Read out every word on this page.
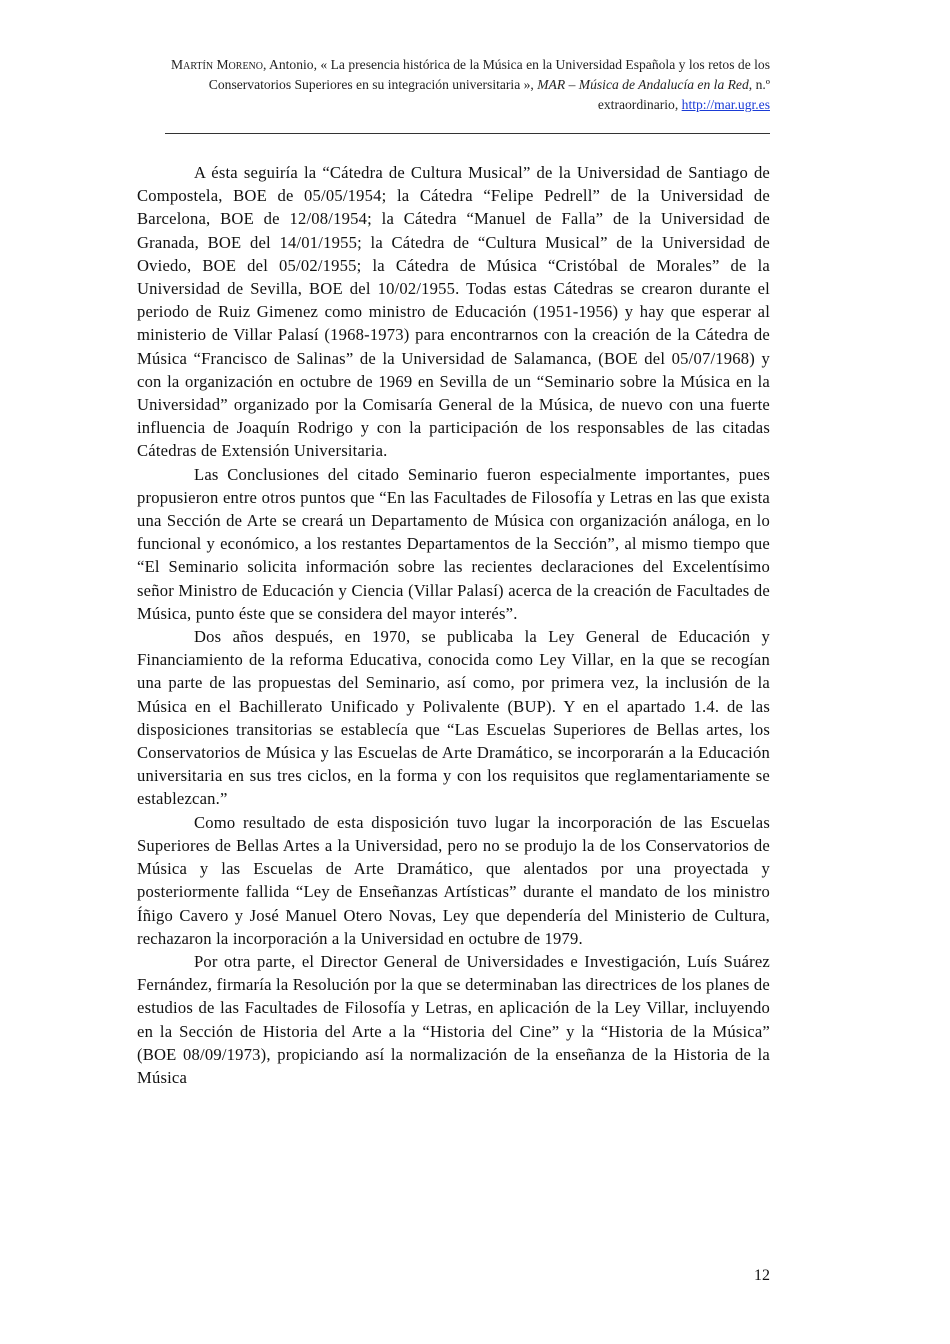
Martín Moreno, Antonio, « La presencia histórica de la Música en la Universidad Española y los retos de los Conservatorios Superiores en su integración universitaria », MAR – Música de Andalucía en la Red, n.º extraordinario, http://mar.ugr.es

A ésta seguiría la “Cátedra de Cultura Musical” de la Universidad de Santiago de Compostela, BOE de 05/05/1954; la Cátedra “Felipe Pedrell” de la Universidad de Barcelona, BOE de 12/08/1954; la Cátedra “Manuel de Falla” de la Universidad de Granada, BOE del 14/01/1955; la Cátedra de “Cultura Musical” de la Universidad de Oviedo, BOE del 05/02/1955; la Cátedra de Música “Cristóbal de Morales” de la Universidad de Sevilla, BOE del 10/02/1955. Todas estas Cátedras se crearon durante el periodo de Ruiz Gimenez como ministro de Educación (1951-1956) y hay que esperar al ministerio de Villar Palasí (1968-1973) para encontrarnos con la creación de la Cátedra de Música “Francisco de Salinas” de la Universidad de Salamanca, (BOE del 05/07/1968) y con la organización en octubre de 1969 en Sevilla de un “Seminario sobre la Música en la Universidad” organizado por la Comisaría General de la Música, de nuevo con una fuerte influencia de Joaquín Rodrigo y con la participación de los responsables de las citadas Cátedras de Extensión Universitaria.

Las Conclusiones del citado Seminario fueron especialmente importantes, pues propusieron entre otros puntos que “En las Facultades de Filosofía y Letras en las que exista una Sección de Arte se creará un Departamento de Música con organización análoga, en lo funcional y económico, a los restantes Departamentos de la Sección”, al mismo tiempo que “El Seminario solicita información sobre las recientes declaraciones del Excelentísimo señor Ministro de Educación y Ciencia (Villar Palasí) acerca de la creación de Facultades de Música, punto éste que se considera del mayor interés”.

Dos años después, en 1970, se publicaba la Ley General de Educación y Financiamiento de la reforma Educativa, conocida como Ley Villar, en la que se recogían una parte de las propuestas del Seminario, así como, por primera vez, la inclusión de la Música en el Bachillerato Unificado y Polivalente (BUP). Y en el apartado 1.4. de las disposiciones transitorias se establecía que “Las Escuelas Superiores de Bellas artes, los Conservatorios de Música y las Escuelas de Arte Dramático, se incorporarán a la Educación universitaria en sus tres ciclos, en la forma y con los requisitos que reglamentariamente se establezcan.”

Como resultado de esta disposición tuvo lugar la incorporación de las Escuelas Superiores de Bellas Artes a la Universidad, pero no se produjo la de los Conservatorios de Música y las Escuelas de Arte Dramático, que alentados por una proyectada y posteriormente fallida “Ley de Enseñanzas Artísticas” durante el mandato de los ministro Íñigo Cavero y José Manuel Otero Novas, Ley que dependería del Ministerio de Cultura, rechazaron la incorporación a la Universidad en octubre de 1979.

Por otra parte, el Director General de Universidades e Investigación, Luís Suárez Fernández, firmaría la Resolución por la que se determinaban las directrices de los planes de estudios de las Facultades de Filosofía y Letras, en aplicación de la Ley Villar, incluyendo en la Sección de Historia del Arte a la “Historia del Cine” y la “Historia de la Música” (BOE 08/09/1973), propiciando así la normalización de la enseñanza de la Historia de la Música

12
